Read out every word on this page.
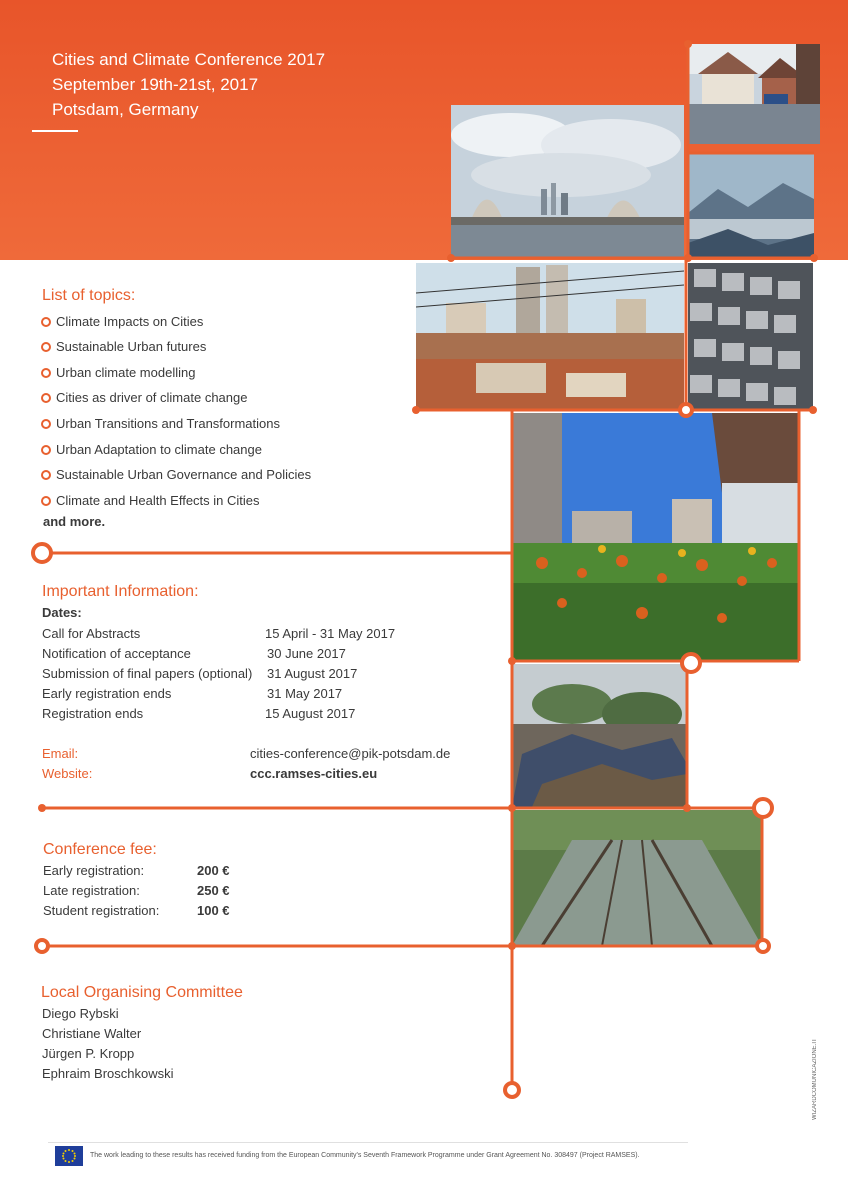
Cities and Climate Conference 2017
September 19th-21st, 2017
Potsdam, Germany
List of topics:
Climate Impacts on Cities
Sustainable Urban futures
Urban climate modelling
Cities as driver of climate change
Urban Transitions and Transformations
Urban Adaptation to climate change
Sustainable Urban Governance and Policies
Climate and Health Effects in Cities
and more.
Important Information:
Dates:
Call for Abstracts	15 April - 31 May 2017
Notification of acceptance	30 June 2017
Submission of final papers (optional) 31 August 2017
Early registration ends	31 May 2017
Registration ends	15 August 2017
Email:	cities-conference@pik-potsdam.de
Website:	ccc.ramses-cities.eu
Conference fee:
Early registration:	200 €
Late registration:	250 €
Student registration:	100 €
Local Organising Committee
Diego Rybski
Christiane Walter
Jürgen P. Kropp
Ephraim Broschkowski
The work leading to these results has received funding from the European Community's Seventh Framework Programme under Grant Agreement No. 308497 (Project RAMSES).
WIZARDCOMUNICAZIONE.IT
